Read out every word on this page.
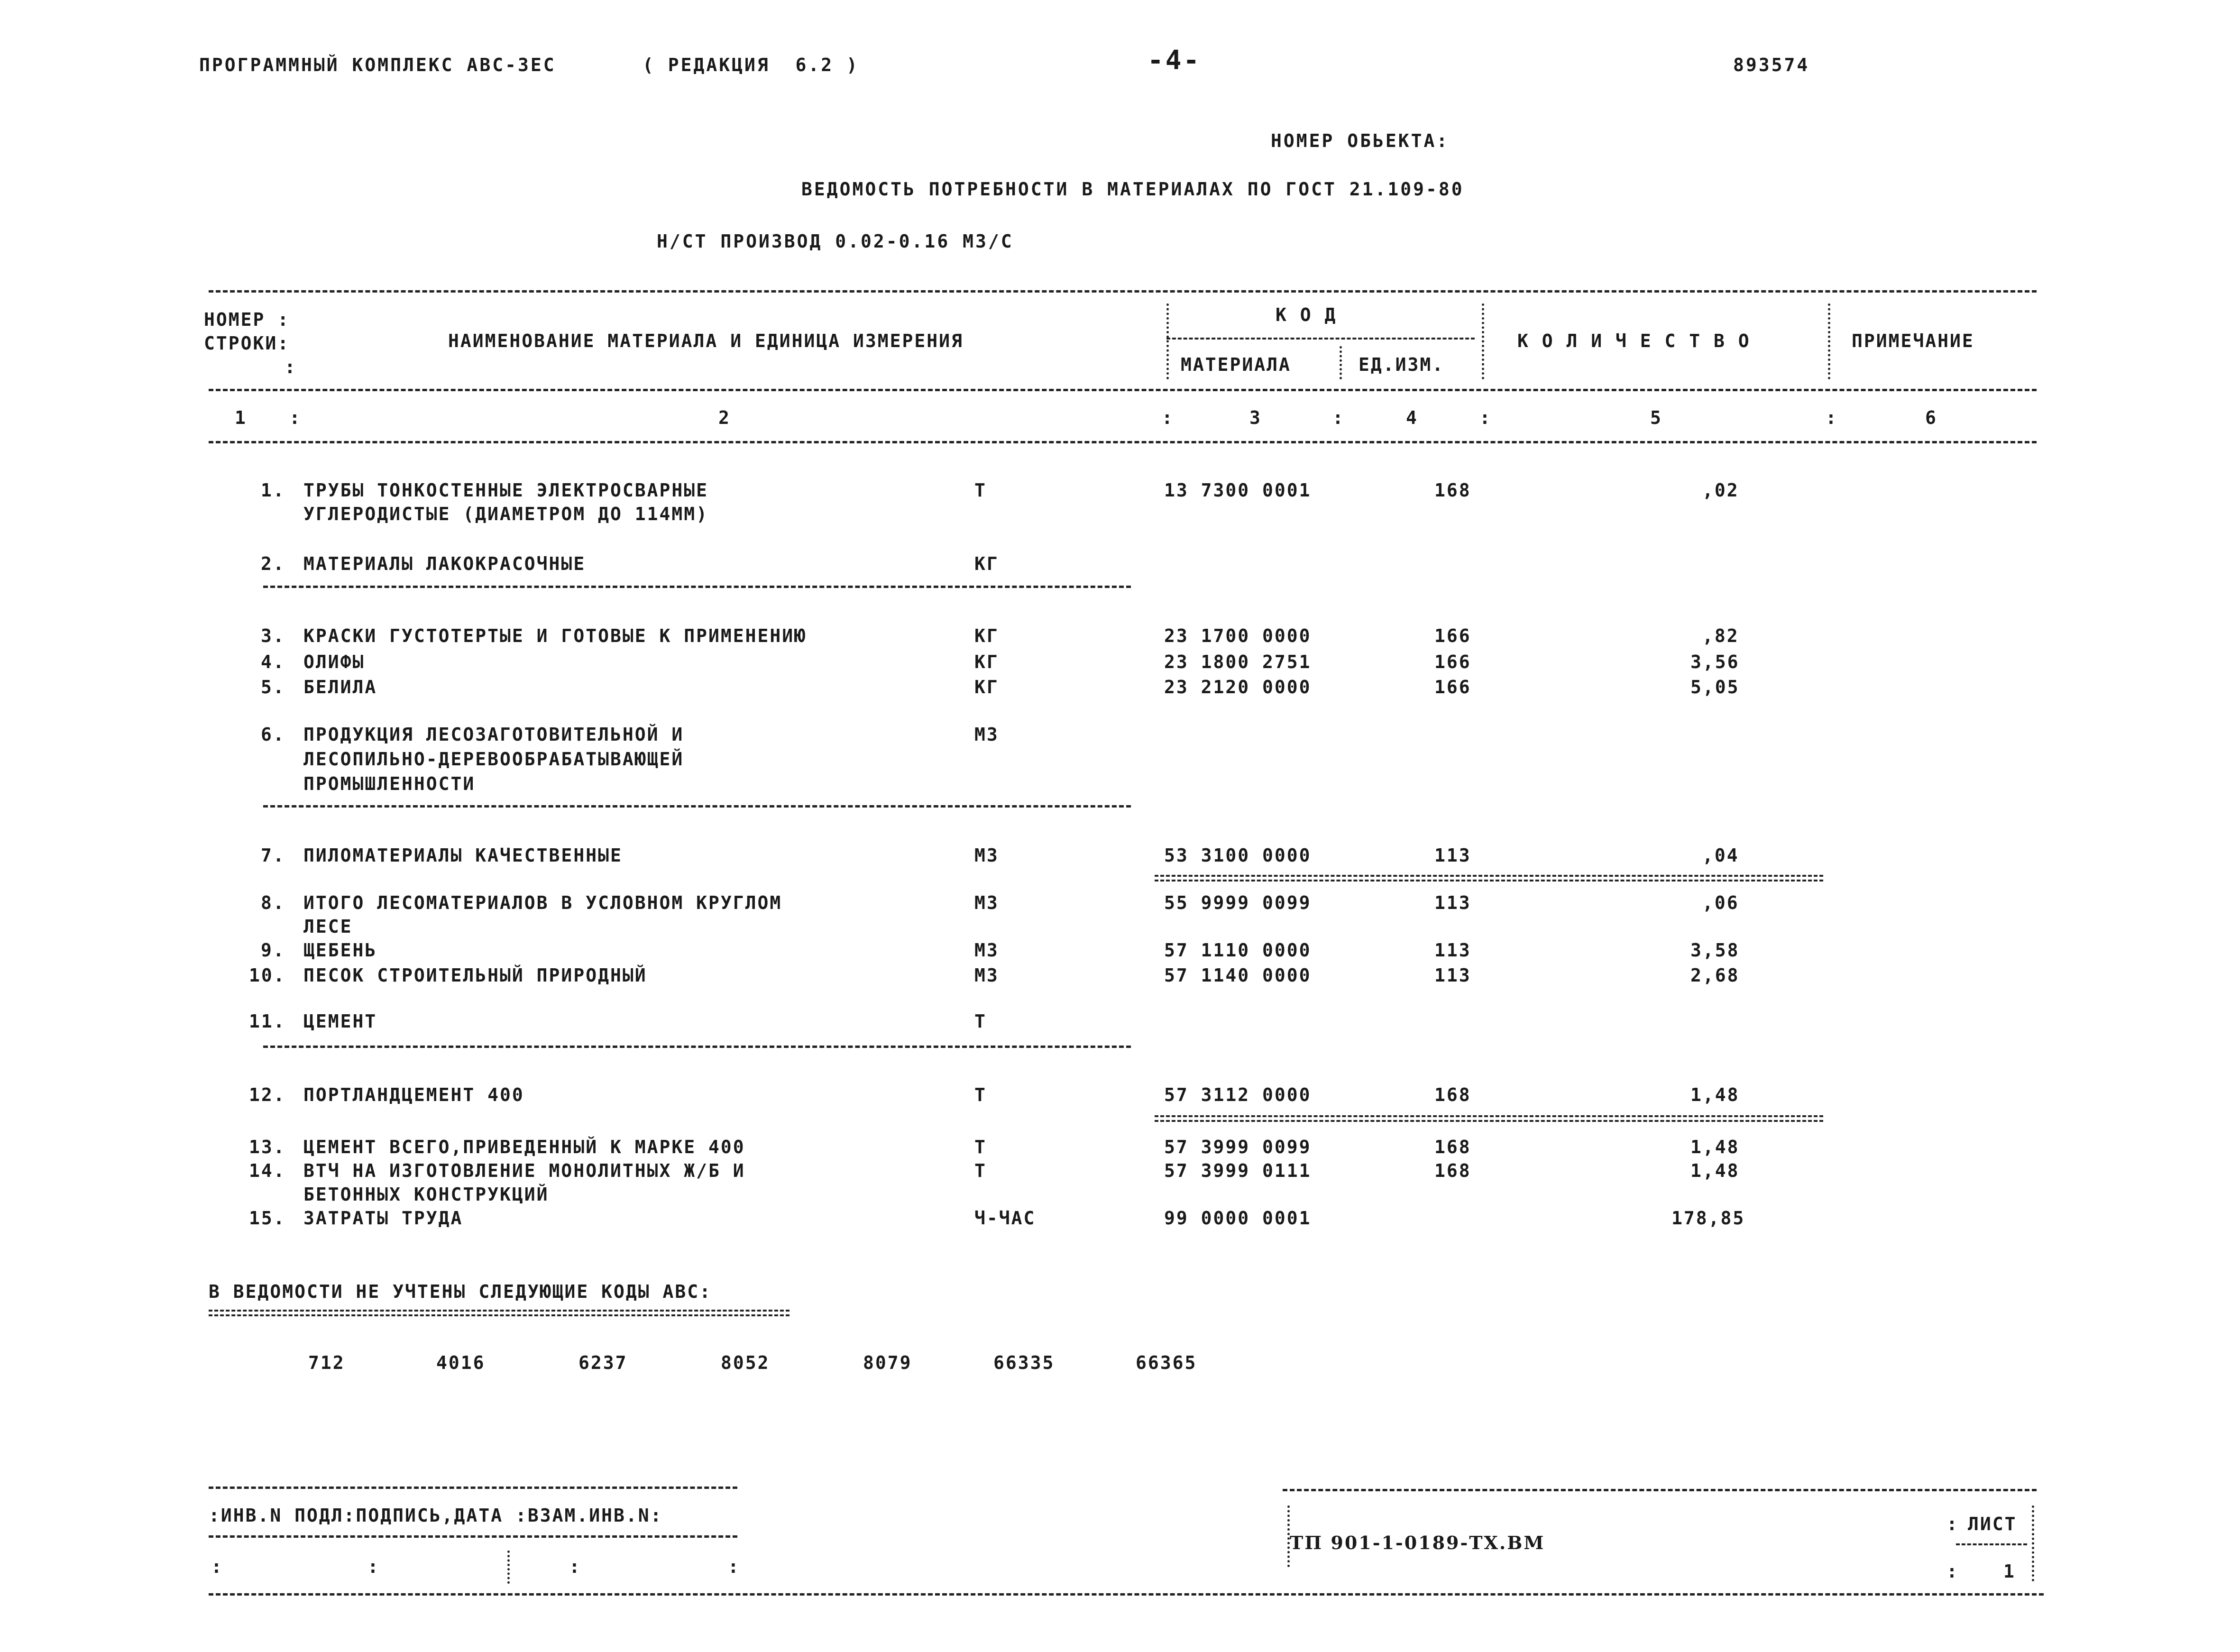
ПРОГРАММНЫЙ КОМПЛЕКС АВС-ЗЕС	( РЕДАКЦИЯ  6.2 )	-4-	893574
НОМЕР ОБЬЕКТА:
ВЕДОМОСТЬ ПОТРЕБНОСТИ В МАТЕРИАЛАХ ПО ГОСТ 21.109-80
Н/СТ ПРОИЗВОД 0.02-0.16 М3/С
НОМЕР :
СТРОКИ:
:
НАИМЕНОВАНИЕ МАТЕРИАЛА И ЕДИНИЦА ИЗМЕРЕНИЯ
К О Д
МАТЕРИАЛА	ЕД.ИЗМ.
К О Л И Ч Е С Т В О	ПРИМЕЧАНИЕ
1 :	2	:	3	:	4	:	5	:	6
1. ТРУБЫ ТОНКОСТЕННЫЕ ЭЛЕКТРОСВАРНЫЕ
УГЛЕРОДИСТЫЕ (ДИАМЕТРОМ ДО 114ММ)
Т	13 7300 0001	168	,02
2. МАТЕРИАЛЫ ЛАКОКРАСОЧНЫЕ	КГ
3. КРАСКИ ГУСТОТЕРТЫЕ И ГОТОВЫЕ К ПРИМЕНЕНИЮ	КГ	23 1700 0000	166	,82
4. ОЛИФЫ	КГ	23 1800 2751	166	3,56
5. БЕЛИЛА	КГ	23 2120 0000	166	5,05
6. ПРОДУКЦИЯ ЛЕСОЗАГОТОВИТЕЛЬНОЙ И
ЛЕСОПИЛЬНО-ДЕРЕВООБРАБАТЫВАЮЩЕЙ
ПРОМЫШЛЕННОСТИ
М3
7. ПИЛОМАТЕРИАЛЫ КАЧЕСТВЕННЫЕ	М3	53 3100 0000	113	,04
8. ИТОГО ЛЕСОМАТЕРИАЛОВ В УСЛОВНОМ КРУГЛОМ
ЛЕСЕ
М3	55 9999 0099	113	,06
9. ЩЕБЕНЬ	М3	57 1110 0000	113	3,58
10. ПЕСОК СТРОИТЕЛЬНЫЙ ПРИРОДНЫЙ	М3	57 1140 0000	113	2,68
11. ЦЕМЕНТ	Т
12. ПОРТЛАНДЦЕМЕНТ 400	Т	57 3112 0000	168	1,48
13. ЦЕМЕНТ ВСЕГО,ПРИВЕДЕННЫЙ К МАРКЕ 400	Т	57 3999 0099	168	1,48
14. ВТЧ НА ИЗГОТОВЛЕНИЕ МОНОЛИТНЫХ Ж/Б И
БЕТОННЫХ КОНСТРУКЦИЙ
Т	57 3999 0111	168	1,48
15. ЗАТРАТЫ ТРУДА	Ч-ЧАС	99 0000 0001	178,85
В ВЕДОМОСТИ НЕ УЧТЕНЫ СЛЕДУЮЩИЕ КОДЫ АВС:
712	4016	6237	8052	8079	66335	66365
:ИНВ.N ПОДЛ:ПОДПИСЬ,ДАТА :ВЗАМ.ИНВ.N:
:	:	:	:
ТП 901-1-0189-ТХ.ВМ
: ЛИСТ
: 1
